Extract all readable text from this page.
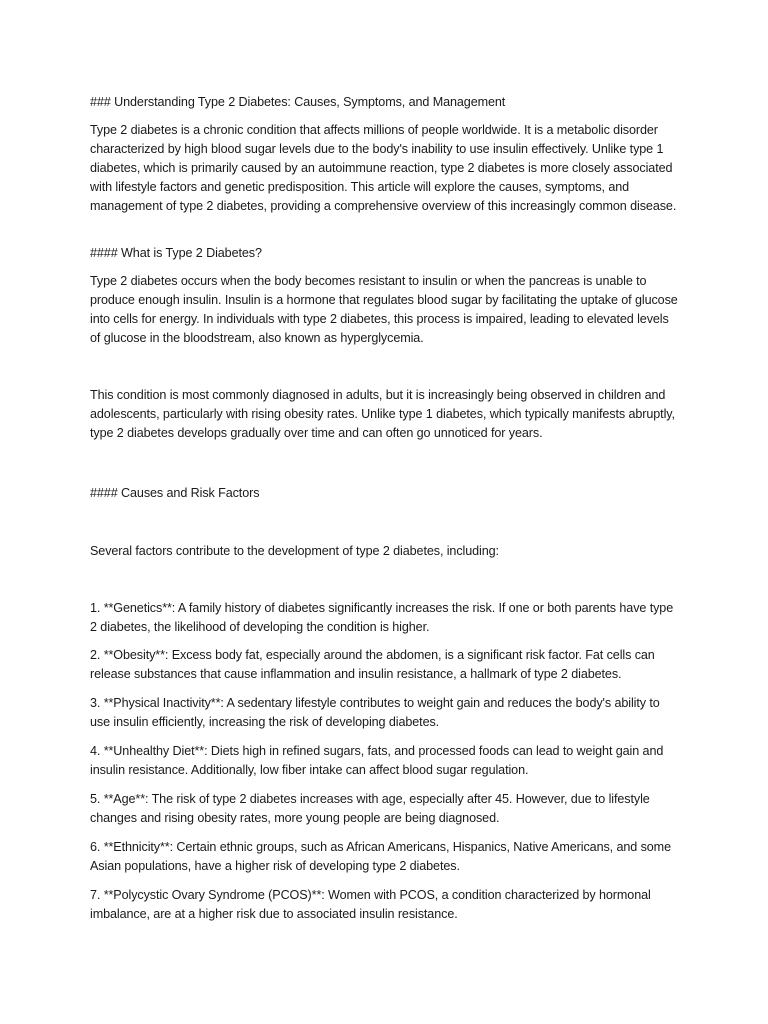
### Understanding Type 2 Diabetes: Causes, Symptoms, and Management

Type 2 diabetes is a chronic condition that affects millions of people worldwide. It is a metabolic disorder characterized by high blood sugar levels due to the body's inability to use insulin effectively. Unlike type 1 diabetes, which is primarily caused by an autoimmune reaction, type 2 diabetes is more closely associated with lifestyle factors and genetic predisposition. This article will explore the causes, symptoms, and management of type 2 diabetes, providing a comprehensive overview of this increasingly common disease.

#### What is Type 2 Diabetes?

Type 2 diabetes occurs when the body becomes resistant to insulin or when the pancreas is unable to produce enough insulin. Insulin is a hormone that regulates blood sugar by facilitating the uptake of glucose into cells for energy. In individuals with type 2 diabetes, this process is impaired, leading to elevated levels of glucose in the bloodstream, also known as hyperglycemia.

This condition is most commonly diagnosed in adults, but it is increasingly being observed in children and adolescents, particularly with rising obesity rates. Unlike type 1 diabetes, which typically manifests abruptly, type 2 diabetes develops gradually over time and can often go unnoticed for years.

#### Causes and Risk Factors

Several factors contribute to the development of type 2 diabetes, including:

1. **Genetics**: A family history of diabetes significantly increases the risk. If one or both parents have type 2 diabetes, the likelihood of developing the condition is higher.

2. **Obesity**: Excess body fat, especially around the abdomen, is a significant risk factor. Fat cells can release substances that cause inflammation and insulin resistance, a hallmark of type 2 diabetes.

3. **Physical Inactivity**: A sedentary lifestyle contributes to weight gain and reduces the body's ability to use insulin efficiently, increasing the risk of developing diabetes.

4. **Unhealthy Diet**: Diets high in refined sugars, fats, and processed foods can lead to weight gain and insulin resistance. Additionally, low fiber intake can affect blood sugar regulation.

5. **Age**: The risk of type 2 diabetes increases with age, especially after 45. However, due to lifestyle changes and rising obesity rates, more young people are being diagnosed.

6. **Ethnicity**: Certain ethnic groups, such as African Americans, Hispanics, Native Americans, and some Asian populations, have a higher risk of developing type 2 diabetes.

7. **Polycystic Ovary Syndrome (PCOS)**: Women with PCOS, a condition characterized by hormonal imbalance, are at a higher risk due to associated insulin resistance.
